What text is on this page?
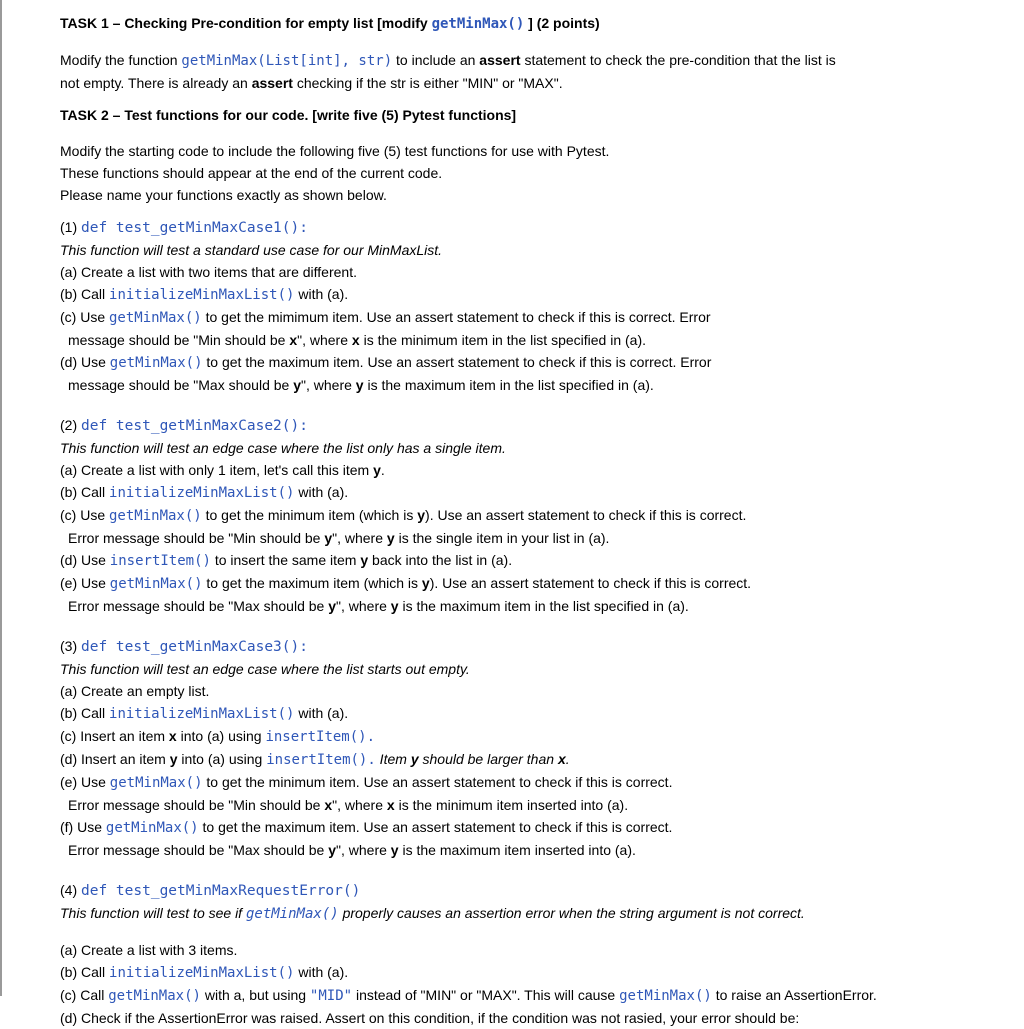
TASK 1 – Checking Pre-condition for empty list [modify getMinMax() ] (2 points)

Modify the function getMinMax(List[int], str) to include an assert statement to check the pre-condition that the list is

not empty. There is already an assert checking if the str is either "MIN" or "MAX".

TASK 2 – Test functions for our code. [write five (5) Pytest functions]

Modify the starting code to include the following five (5) test functions for use with Pytest.

These functions should appear at the end of the current code.

Please name your functions exactly as shown below.

(1) def test_getMinMaxCase1():

This function will test a standard use case for our MinMaxList.

(a) Create a list with two items that are different.

(b) Call initializeMinMaxList() with (a).

(c) Use getMinMax() to get the mimimum item. Use an assert statement to check if this is correct. Error

message should be "Min should be x", where x is the minimum item in the list specified in (a).

(d) Use getMinMax() to get the maximum item. Use an assert statement to check if this is correct. Error

message should be "Max should be y", where y is the maximum item in the list specified in (a).

(2) def test_getMinMaxCase2():

This function will test an edge case where the list only has a single item.

(a) Create a list with only 1 item, let's call this item y.

(b) Call initializeMinMaxList() with (a).

(c) Use getMinMax() to get the minimum item (which is y). Use an assert statement to check if this is correct.

Error message should be "Min should be y", where y is the single item in your list in (a).

(d) Use insertItem() to insert the same item y back into the list in (a).

(e) Use getMinMax() to get the maximum item (which is y). Use an assert statement to check if this is correct.

Error message should be "Max should be y", where y is the maximum item in the list specified in (a).

(3) def test_getMinMaxCase3():

This function will test an edge case where the list starts out empty.

(a) Create an empty list.

(b) Call initializeMinMaxList() with (a).

(c) Insert an item x into (a) using insertItem().

(d) Insert an item y into (a) using insertItem(). Item y should be larger than x.

(e) Use getMinMax() to get the minimum item. Use an assert statement to check if this is correct.

Error message should be "Min should be x", where x is the minimum item inserted into (a).

(f) Use getMinMax() to get the maximum item. Use an assert statement to check if this is correct.

Error message should be "Max should be y", where y is the maximum item inserted into (a).

(4) def test_getMinMaxRequestError()

This function will test to see if getMinMax() properly causes an assertion error when the string argument is not correct.

(a) Create a list with 3 items.

(b) Call initializeMinMaxList() with (a).

(c) Call getMinMax() with a, but using "MID" instead of "MIN" or "MAX". This will cause getMinMax() to raise an AssertionError.

(d) Check if the AssertionError was raised. Assert on this condition, if the condition was not rasied, your error should be:
